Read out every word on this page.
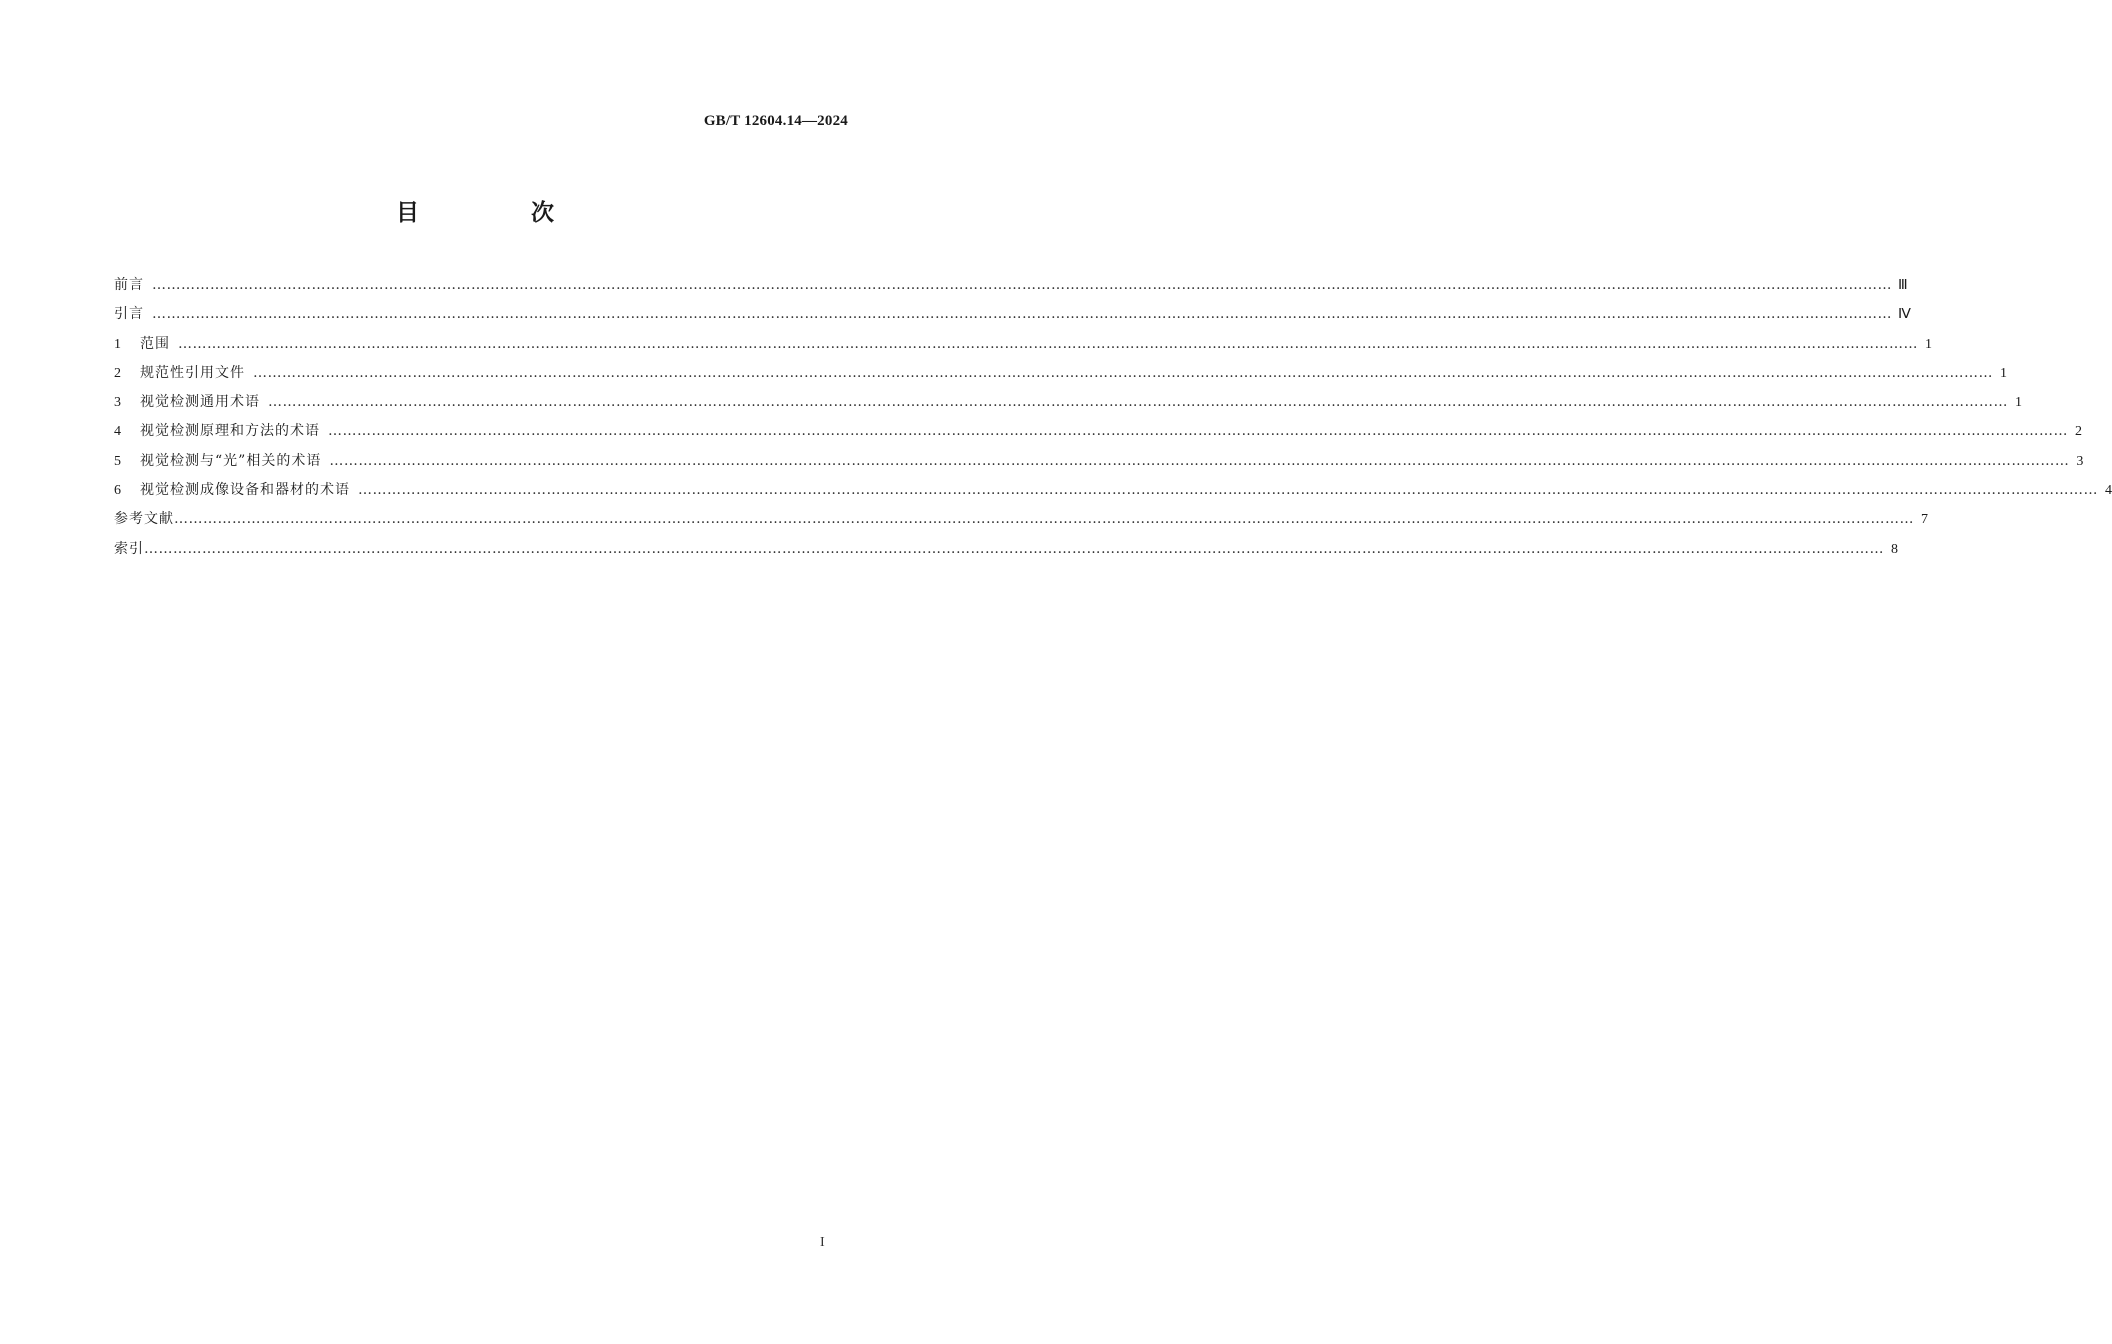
GB/T 12604.14—2024
目 次
前言 ……………………………………………………………………………………………………………………………………………………………………………………………………………………………………………………………………………………………………………………………… Ⅲ
引言 ……………………………………………………………………………………………………………………………………………………………………………………………………………………………………………………………………………………………………………………………… Ⅳ
1	范围 ……………………………………………………………………………………………………………………………………………………………………………………………………………………………………………………………………………………………………………………………… 1
2	规范性引用文件 ……………………………………………………………………………………………………………………………………………………………………………………………………………………………………………………………………………………………………………………………… 1
3	视觉检测通用术语 ……………………………………………………………………………………………………………………………………………………………………………………………………………………………………………………………………………………………………………………………… 1
4	视觉检测原理和方法的术语 ……………………………………………………………………………………………………………………………………………………………………………………………………………………………………………………………………………………………………………………………… 2
5	视觉检测与“光”相关的术语 ……………………………………………………………………………………………………………………………………………………………………………………………………………………………………………………………………………………………………………………………… 3
6	视觉检测成像设备和器材的术语 ……………………………………………………………………………………………………………………………………………………………………………………………………………………………………………………………………………………………………………………………… 4
参考文献 ……………………………………………………………………………………………………………………………………………………………………………………………………………………………………………………………………………………………………………………………… 7
索引 ……………………………………………………………………………………………………………………………………………………………………………………………………………………………………………………………………………………………………………………………… 8
I
